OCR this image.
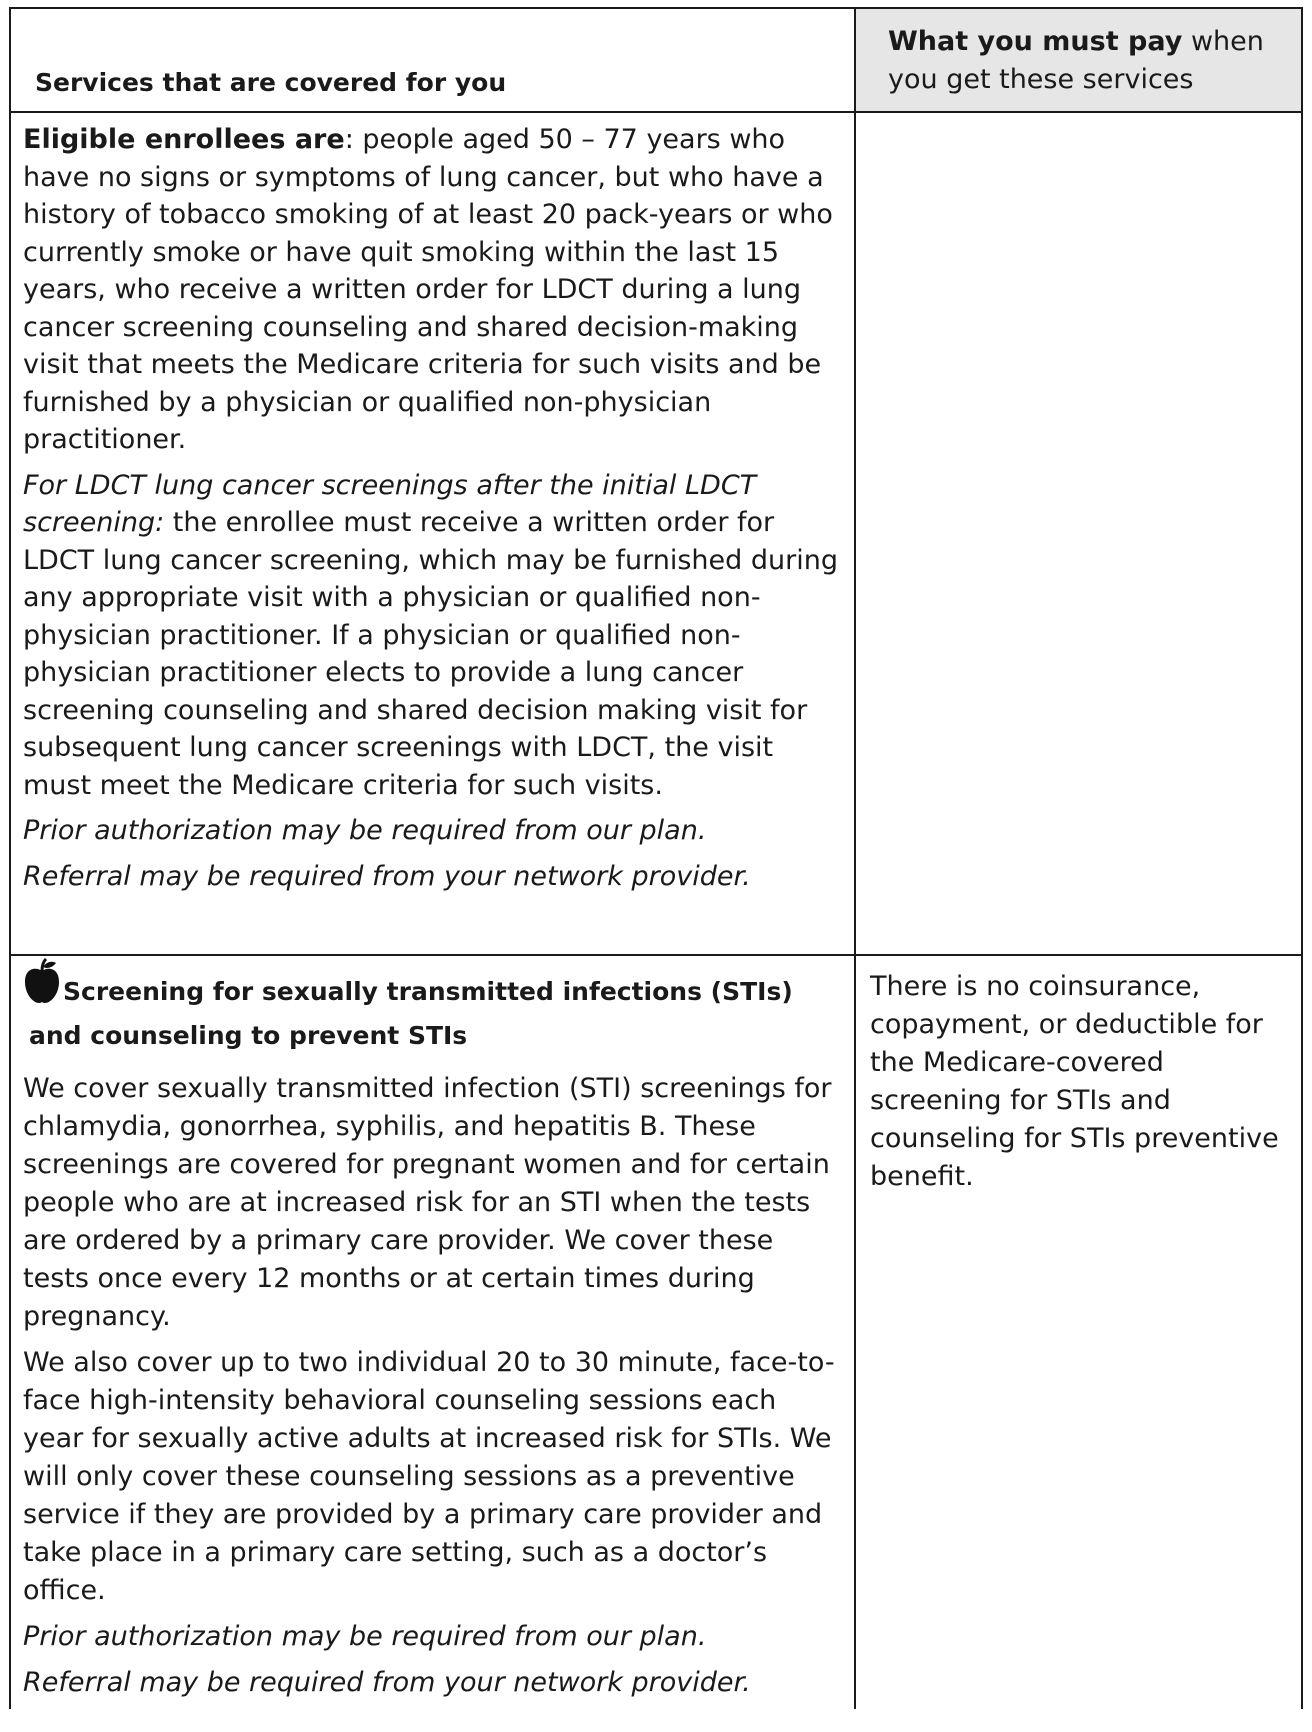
Services that are covered for you
What you must pay when you get these services

Eligible enrollees are: people aged 50 – 77 years who have no signs or symptoms of lung cancer, but who have a history of tobacco smoking of at least 20 pack-years or who currently smoke or have quit smoking within the last 15 years, who receive a written order for LDCT during a lung cancer screening counseling and shared decision-making visit that meets the Medicare criteria for such visits and be furnished by a physician or qualified non-physician practitioner.

For LDCT lung cancer screenings after the initial LDCT screening: the enrollee must receive a written order for LDCT lung cancer screening, which may be furnished during any appropriate visit with a physician or qualified non-physician practitioner. If a physician or qualified non-physician practitioner elects to provide a lung cancer screening counseling and shared decision making visit for subsequent lung cancer screenings with LDCT, the visit must meet the Medicare criteria for such visits.

Prior authorization may be required from our plan.

Referral may be required from your network provider.

Screening for sexually transmitted infections (STIs)
and counseling to prevent STIs

We cover sexually transmitted infection (STI) screenings for chlamydia, gonorrhea, syphilis, and hepatitis B. These screenings are covered for pregnant women and for certain people who are at increased risk for an STI when the tests are ordered by a primary care provider. We cover these tests once every 12 months or at certain times during pregnancy.

We also cover up to two individual 20 to 30 minute, face-to-face high-intensity behavioral counseling sessions each year for sexually active adults at increased risk for STIs. We will only cover these counseling sessions as a preventive service if they are provided by a primary care provider and take place in a primary care setting, such as a doctor’s office.

Prior authorization may be required from our plan.

Referral may be required from your network provider.

There is no coinsurance, copayment, or deductible for the Medicare-covered screening for STIs and counseling for STIs preventive benefit.
